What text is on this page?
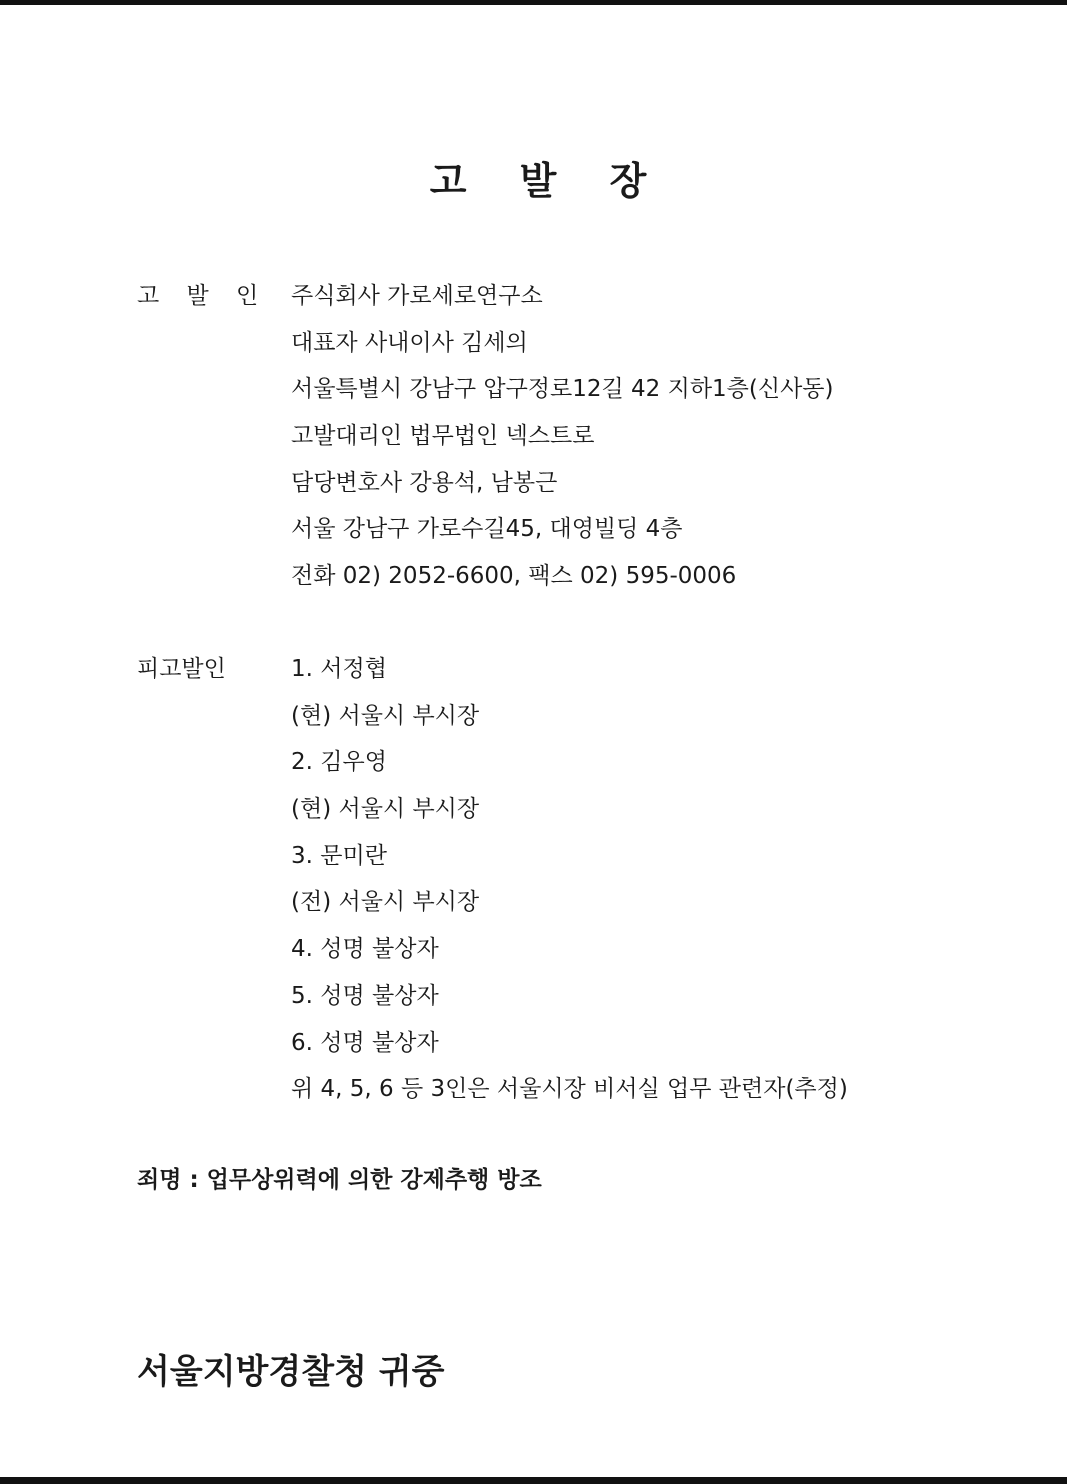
고 발 장
고 발 인 주식회사 가로세로연구소
대표자 사내이사 김세의
서울특별시 강남구 압구정로12길 42 지하1층(신사동)
고발대리인 법무법인 넥스트로
담당변호사 강용석, 남봉근
서울 강남구 가로수길45, 대영빌딩 4층
전화 02) 2052-6600, 팩스 02) 595-0006
피고발인	1. 서정협
(현) 서울시 부시장
2. 김우영
(현) 서울시 부시장
3. 문미란
(전) 서울시 부시장
4. 성명 불상자
5. 성명 불상자
6. 성명 불상자
위 4, 5, 6 등 3인은 서울시장 비서실 업무 관련자(추정)
죄명 : 업무상위력에 의한 강제추행 방조
서울지방경찰청 귀중
